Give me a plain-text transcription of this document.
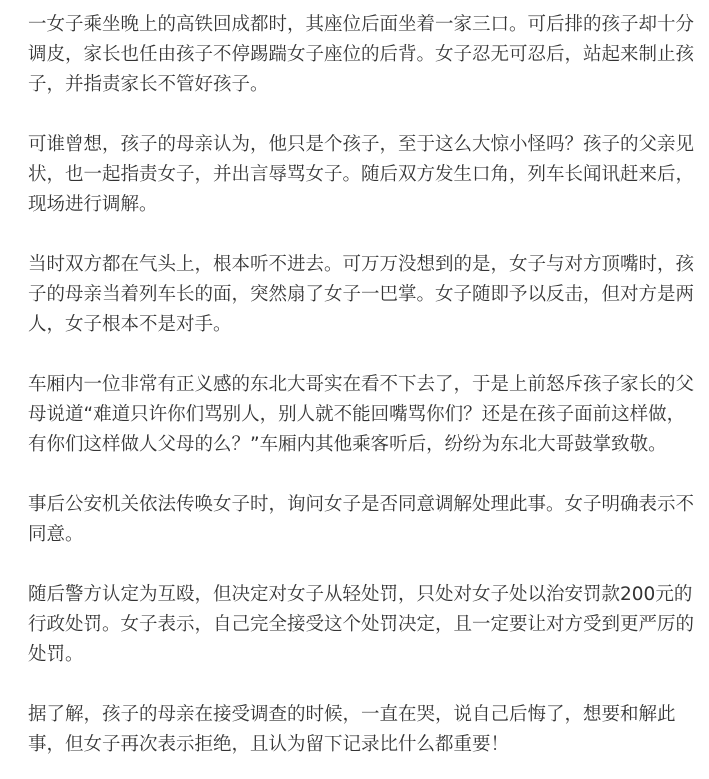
一女子乘坐晚上的高铁回成都时，其座位后面坐着一家三口。可后排的孩子却十分调皮，家长也任由孩子不停踢踹女子座位的后背。女子忍无可忍后，站起来制止孩子，并指责家长不管好孩子。

可谁曾想，孩子的母亲认为，他只是个孩子，至于这么大惊小怪吗？孩子的父亲见状，也一起指责女子，并出言辱骂女子。随后双方发生口角，列车长闻讯赶来后，现场进行调解。

当时双方都在气头上，根本听不进去。可万万没想到的是，女子与对方顶嘴时，孩子的母亲当着列车长的面，突然扇了女子一巴掌。女子随即予以反击，但对方是两人，女子根本不是对手。

车厢内一位非常有正义感的东北大哥实在看不下去了，于是上前怒斥孩子家长的父母说道“难道只许你们骂别人，别人就不能回嘴骂你们？还是在孩子面前这样做，有你们这样做人父母的么？”车厢内其他乘客听后，纷纷为东北大哥鼓掌致敬。

事后公安机关依法传唤女子时，询问女子是否同意调解处理此事。女子明确表示不同意。

随后警方认定为互殴，但决定对女子从轻处罚，只处对女子处以治安罚款200元的行政处罚。女子表示，自己完全接受这个处罚决定，且一定要让对方受到更严厉的处罚。

据了解，孩子的母亲在接受调查的时候，一直在哭，说自己后悔了，想要和解此事，但女子再次表示拒绝，且认为留下记录比什么都重要！
